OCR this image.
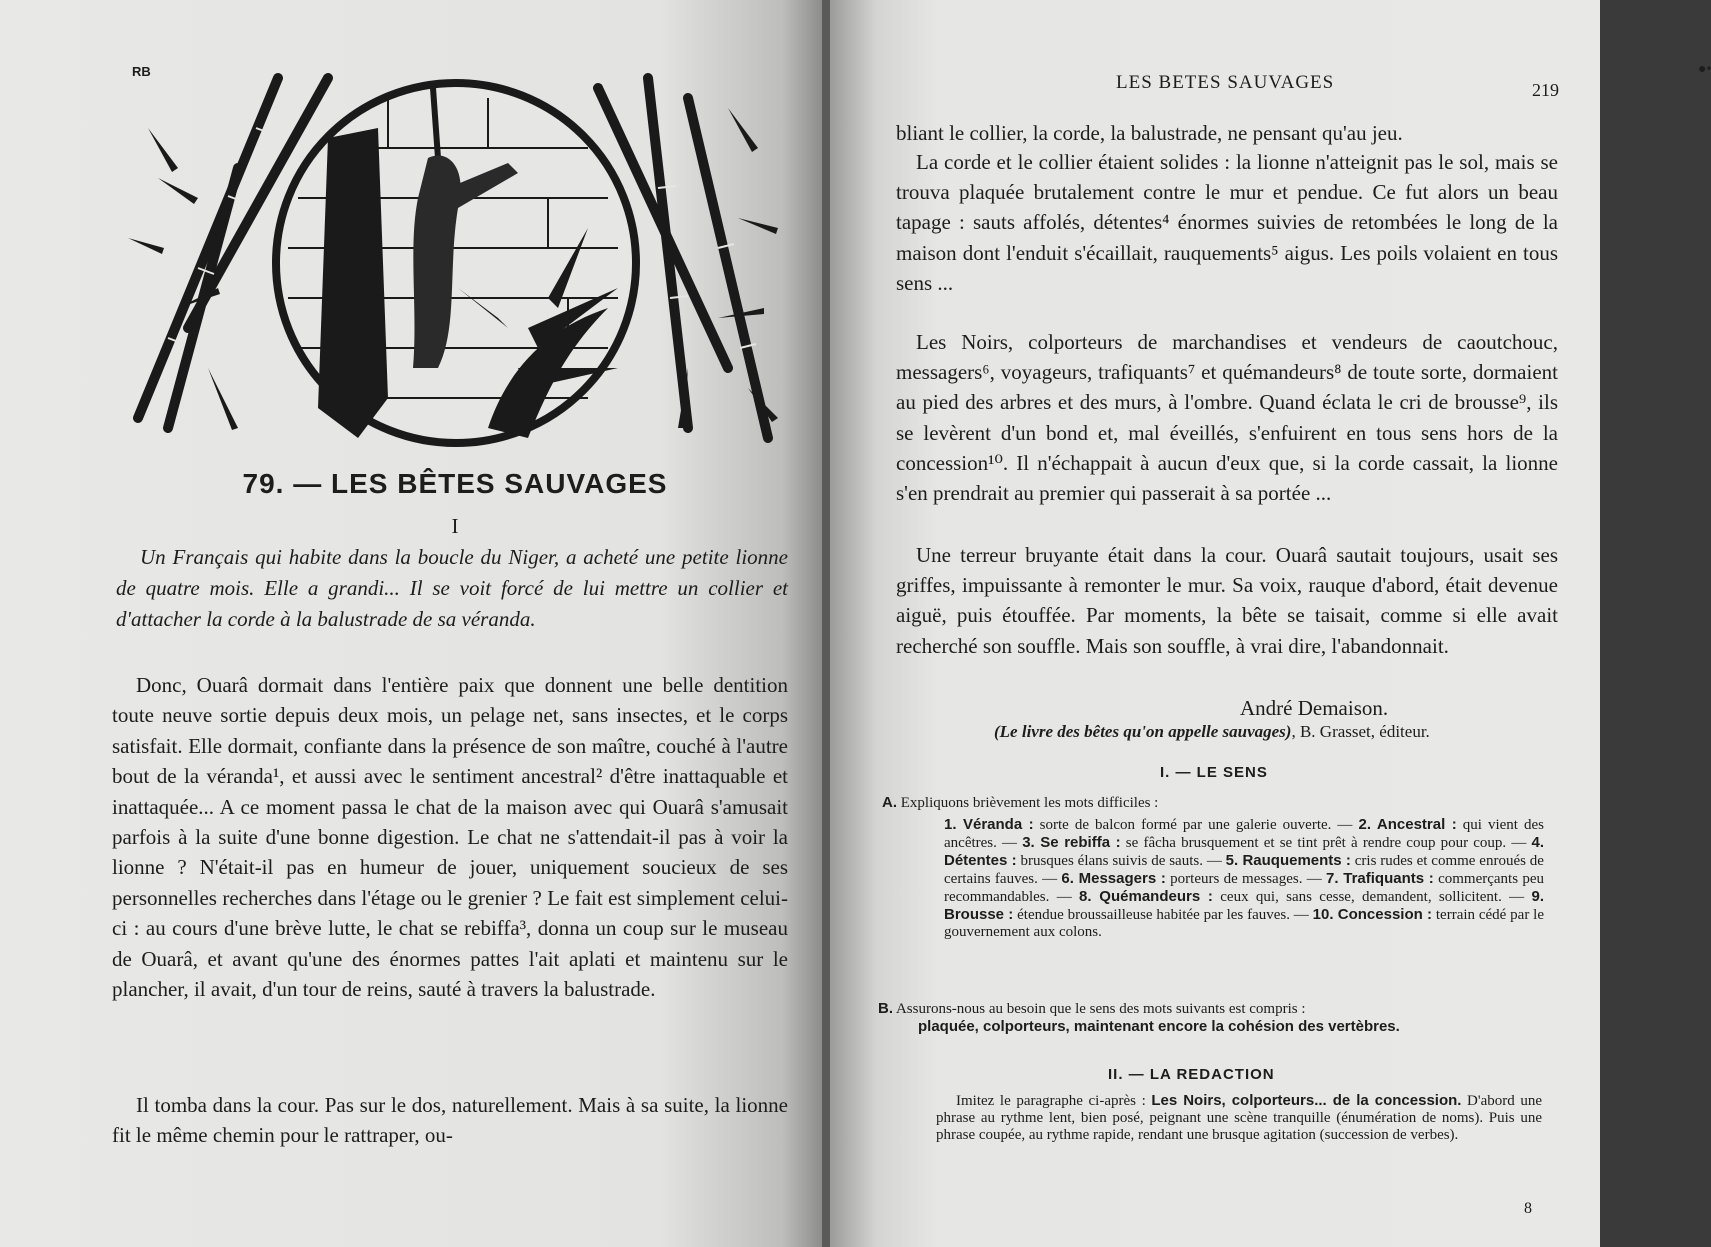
RB
79. — LES BÊTES SAUVAGES
I
Un Français qui habite dans la boucle du Niger, a acheté une petite lionne de quatre mois. Elle a grandi... Il se voit forcé de lui mettre un collier et d'attacher la corde à la balustrade de sa véranda.

Donc, Ouarâ dormait dans l'entière paix que donnent une belle dentition toute neuve sortie depuis deux mois, un pelage net, sans insectes, et le corps satisfait. Elle dormait, confiante dans la présence de son maître, couché à l'autre bout de la véranda¹, et aussi avec le sentiment ancestral² d'être inattaquable et inattaquée... A ce moment passa le chat de la maison avec qui Ouarâ s'amusait parfois à la suite d'une bonne digestion. Le chat ne s'attendait-il pas à voir la lionne ? N'était-il pas en humeur de jouer, uniquement soucieux de ses personnelles recherches dans l'étage ou le grenier ? Le fait est simplement celui-ci : au cours d'une brève lutte, le chat se rebiffa³, donna un coup sur le museau de Ouarâ, et avant qu'une des énormes pattes l'ait aplati et maintenu sur le plancher, il avait, d'un tour de reins, sauté à travers la balustrade.

Il tomba dans la cour. Pas sur le dos, naturellement. Mais à sa suite, la lionne fit le même chemin pour le rattraper, ou-

●•
LES BETES SAUVAGES	219

bliant le collier, la corde, la balustrade, ne pensant qu'au jeu.

La corde et le collier étaient solides : la lionne n'atteignit pas le sol, mais se trouva plaquée brutalement contre le mur et pendue. Ce fut alors un beau tapage : sauts affolés, détentes⁴ énormes suivies de retombées le long de la maison dont l'enduit s'écaillait, rauquements⁵ aigus. Les poils volaient en tous sens ...

Les Noirs, colporteurs de marchandises et vendeurs de caoutchouc, messagers⁶, voyageurs, trafiquants⁷ et quémandeurs⁸ de toute sorte, dormaient au pied des arbres et des murs, à l'ombre. Quand éclata le cri de brousse⁹, ils se levèrent d'un bond et, mal éveillés, s'enfuirent en tous sens hors de la concession¹⁰. Il n'échappait à aucun d'eux que, si la corde cassait, la lionne s'en prendrait au premier qui passerait à sa portée ...

Une terreur bruyante était dans la cour. Ouarâ sautait toujours, usait ses griffes, impuissante à remonter le mur. Sa voix, rauque d'abord, était devenue aiguë, puis étouffée. Par moments, la bête se taisait, comme si elle avait recherché son souffle. Mais son souffle, à vrai dire, l'abandonnait.

André Demaison.
(Le livre des bêtes qu'on appelle sauvages), B. Grasset, éditeur.
I. — LE SENS

A. Expliquons brièvement les mots difficiles :

1. Véranda : sorte de balcon formé par une galerie ouverte. — 2. Ancestral : qui vient des ancêtres. — 3. Se rebiffa : se fâcha brusquement et se tint prêt à rendre coup pour coup. — 4. Détentes : brusques élans suivis de sauts. — 5. Rauquements : cris rudes et comme enroués de certains fauves. — 6. Messagers : porteurs de messages. — 7. Trafiquants : commerçants peu recommandables. — 8. Quémandeurs : ceux qui, sans cesse, demandent, sollicitent. — 9. Brousse : étendue broussailleuse habitée par les fauves. — 10. Concession : terrain cédé par le gouvernement aux colons.

B. Assurons-nous au besoin que le sens des mots suivants est compris :
plaquée, colporteurs, maintenant encore la cohésion des vertèbres.

II. — LA REDACTION

Imitez le paragraphe ci-après : Les Noirs, colporteurs... de la concession. D'abord une phrase au rythme lent, bien posé, peignant une scène tranquille (énumération de noms). Puis une phrase coupée, au rythme rapide, rendant une brusque agitation (succession de verbes).

8
